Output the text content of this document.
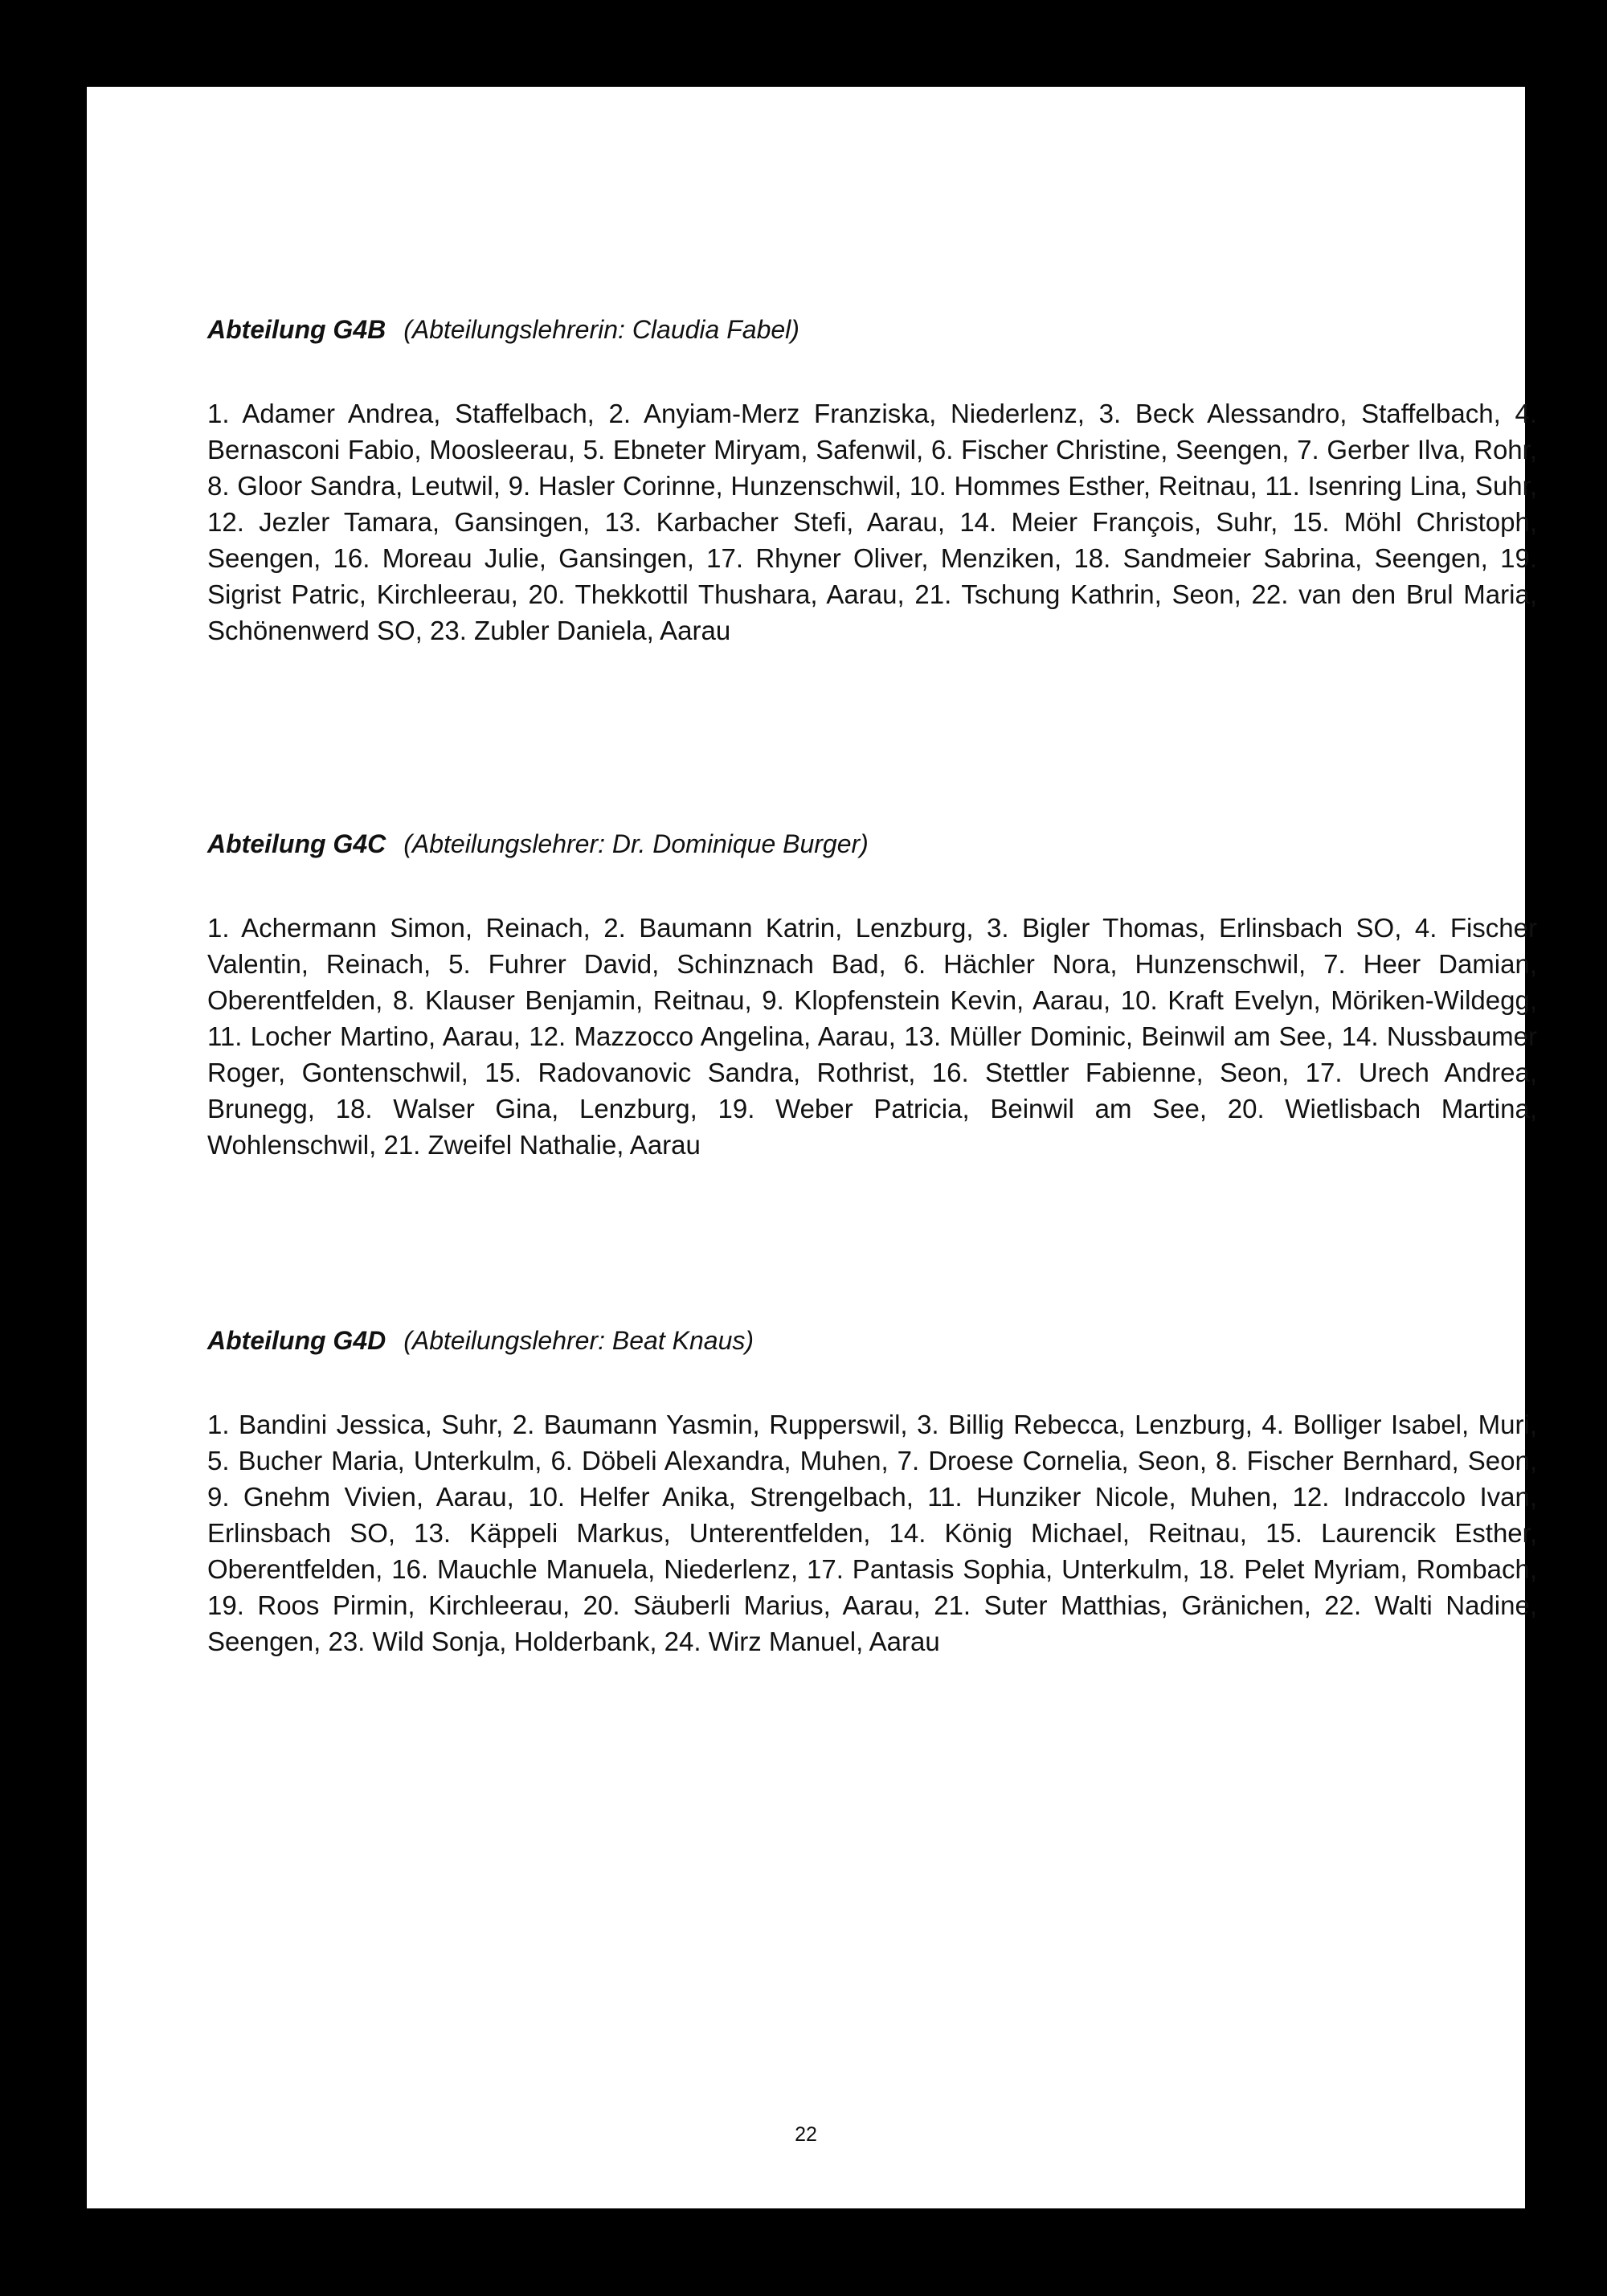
Abteilung G4B (Abteilungslehrerin: Claudia Fabel)

1. Adamer Andrea, Staffelbach, 2. Anyiam-Merz Franziska, Niederlenz, 3. Beck Alessandro, Staffelbach, 4. Bernasconi Fabio, Moosleerau, 5. Ebneter Miryam, Safenwil, 6. Fischer Christine, Seengen, 7. Gerber Ilva, Rohr, 8. Gloor Sandra, Leutwil, 9. Hasler Corinne, Hunzenschwil, 10. Hommes Esther, Reitnau, 11. Isenring Lina, Suhr, 12. Jezler Tamara, Gansingen, 13. Karbacher Stefi, Aarau, 14. Meier François, Suhr, 15. Möhl Christoph, Seengen, 16. Moreau Julie, Gansingen, 17. Rhyner Oliver, Menziken, 18. Sandmeier Sabrina, Seengen, 19. Sigrist Patric, Kirchleerau, 20. Thekkottil Thushara, Aarau, 21. Tschung Kathrin, Seon, 22. van den Brul Maria, Schönenwerd SO, 23. Zubler Daniela, Aarau

Abteilung G4C (Abteilungslehrer: Dr. Dominique Burger)

1. Achermann Simon, Reinach, 2. Baumann Katrin, Lenzburg, 3. Bigler Thomas, Erlinsbach SO, 4. Fischer Valentin, Reinach, 5. Fuhrer David, Schinznach Bad, 6. Hächler Nora, Hunzenschwil, 7. Heer Damian, Oberentfelden, 8. Klauser Benjamin, Reitnau, 9. Klopfenstein Kevin, Aarau, 10. Kraft Evelyn, Möriken-Wildegg, 11. Locher Martino, Aarau, 12. Mazzocco Angelina, Aarau, 13. Müller Dominic, Beinwil am See, 14. Nussbaumer Roger, Gontenschwil, 15. Radovanovic Sandra, Rothrist, 16. Stettler Fabienne, Seon, 17. Urech Andrea, Brunegg, 18. Walser Gina, Lenzburg, 19. Weber Patricia, Beinwil am See, 20. Wietlisbach Martina, Wohlenschwil, 21. Zweifel Nathalie, Aarau

Abteilung G4D (Abteilungslehrer: Beat Knaus)

1. Bandini Jessica, Suhr, 2. Baumann Yasmin, Rupperswil, 3. Billig Rebecca, Lenzburg, 4. Bolliger Isabel, Muri, 5. Bucher Maria, Unterkulm, 6. Döbeli Alexandra, Muhen, 7. Droese Cornelia, Seon, 8. Fischer Bernhard, Seon, 9. Gnehm Vivien, Aarau, 10. Helfer Anika, Strengelbach, 11. Hunziker Nicole, Muhen, 12. Indraccolo Ivan, Erlinsbach SO, 13. Käppeli Markus, Unterentfelden, 14. König Michael, Reitnau, 15. Laurencik Esther, Oberentfelden, 16. Mauchle Manuela, Niederlenz, 17. Pantasis Sophia, Unterkulm, 18. Pelet Myriam, Rombach, 19. Roos Pirmin, Kirchleerau, 20. Säuberli Marius, Aarau, 21. Suter Matthias, Gränichen, 22. Walti Nadine, Seengen, 23. Wild Sonja, Holderbank, 24. Wirz Manuel, Aarau

22
